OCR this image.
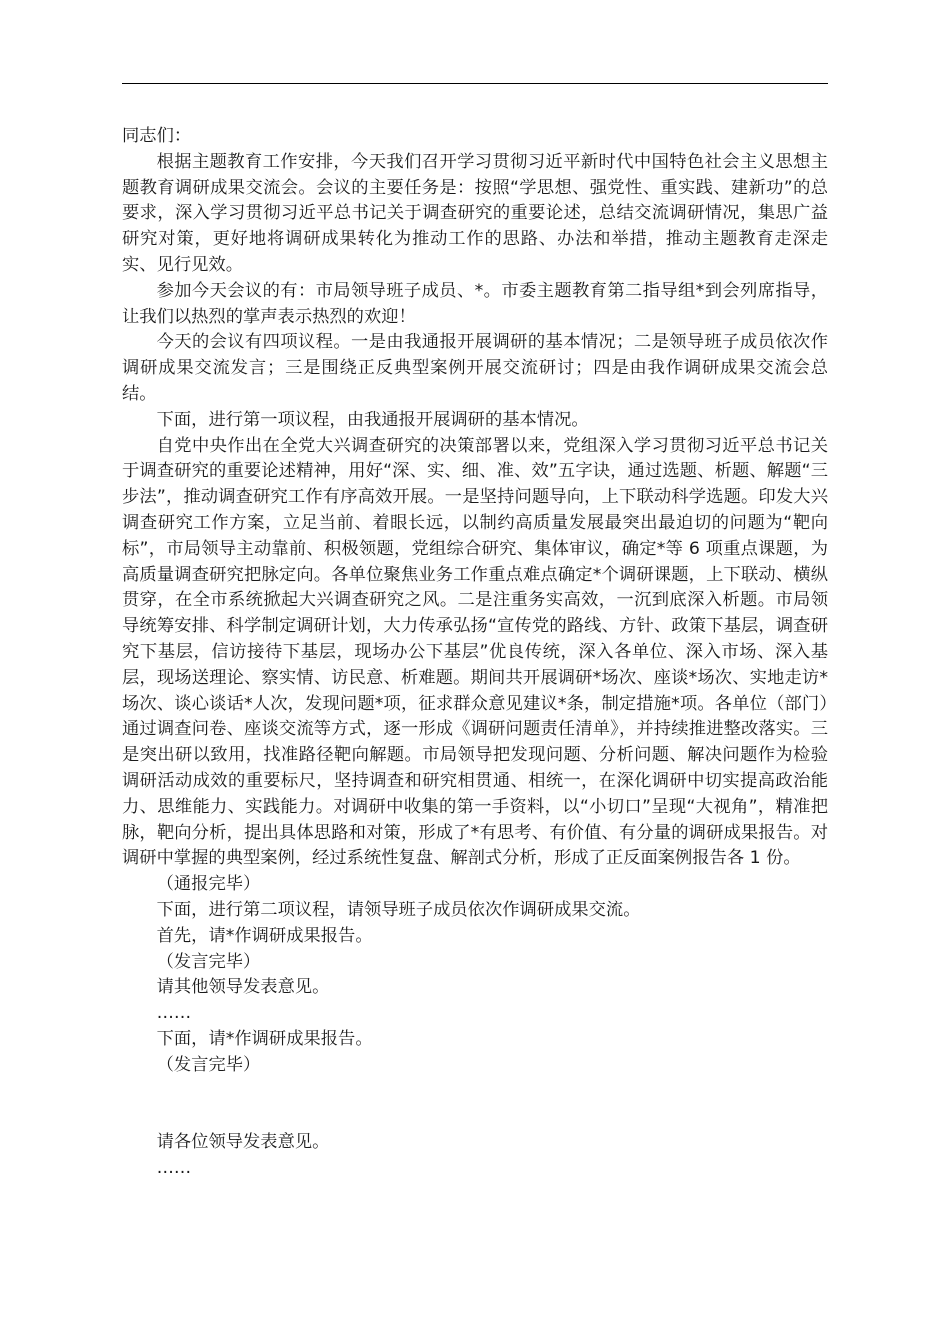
同志们：

根据主题教育工作安排，今天我们召开学习贯彻习近平新时代中国特色社会主义思想主题教育调研成果交流会。会议的主要任务是：按照“学思想、强党性、重实践、建新功”的总要求，深入学习贯彻习近平总书记关于调查研究的重要论述，总结交流调研情况，集思广益研究对策，更好地将调研成果转化为推动工作的思路、办法和举措，推动主题教育走深走实、见行见效。

参加今天会议的有：市局领导班子成员、*。市委主题教育第二指导组*到会列席指导，让我们以热烈的掌声表示热烈的欢迎！

今天的会议有四项议程。一是由我通报开展调研的基本情况；二是领导班子成员依次作调研成果交流发言；三是围绕正反典型案例开展交流研讨；四是由我作调研成果交流会总结。

下面，进行第一项议程，由我通报开展调研的基本情况。

自党中央作出在全党大兴调查研究的决策部署以来，党组深入学习贯彻习近平总书记关于调查研究的重要论述精神，用好“深、实、细、准、效”五字诀，通过选题、析题、解题“三步法”，推动调查研究工作有序高效开展。一是坚持问题导向，上下联动科学选题。印发大兴调查研究工作方案，立足当前、着眼长远，以制约高质量发展最突出最迫切的问题为“靶向标”，市局领导主动靠前、积极领题，党组综合研究、集体审议，确定*等 6 项重点课题，为高质量调查研究把脉定向。各单位聚焦业务工作重点难点确定*个调研课题，上下联动、横纵贯穿，在全市系统掀起大兴调查研究之风。二是注重务实高效，一沉到底深入析题。市局领导统筹安排、科学制定调研计划，大力传承弘扬“宣传党的路线、方针、政策下基层，调查研究下基层，信访接待下基层，现场办公下基层”优良传统，深入各单位、深入市场、深入基层，现场送理论、察实情、访民意、析难题。期间共开展调研*场次、座谈*场次、实地走访*场次、谈心谈话*人次，发现问题*项，征求群众意见建议*条，制定措施*项。各单位（部门）通过调查问卷、座谈交流等方式，逐一形成《调研问题责任清单》，并持续推进整改落实。三是突出研以致用，找准路径靶向解题。市局领导把发现问题、分析问题、解决问题作为检验调研活动成效的重要标尺，坚持调查和研究相贯通、相统一，在深化调研中切实提高政治能力、思维能力、实践能力。对调研中收集的第一手资料，以“小切口”呈现“大视角”，精准把脉，靶向分析，提出具体思路和对策，形成了*有思考、有价值、有分量的调研成果报告。对调研中掌握的典型案例，经过系统性复盘、解剖式分析，形成了正反面案例报告各 1 份。

（通报完毕）

下面，进行第二项议程，请领导班子成员依次作调研成果交流。

首先，请*作调研成果报告。

（发言完毕）

请其他领导发表意见。

……

下面，请*作调研成果报告。

（发言完毕）

请各位领导发表意见。

……
